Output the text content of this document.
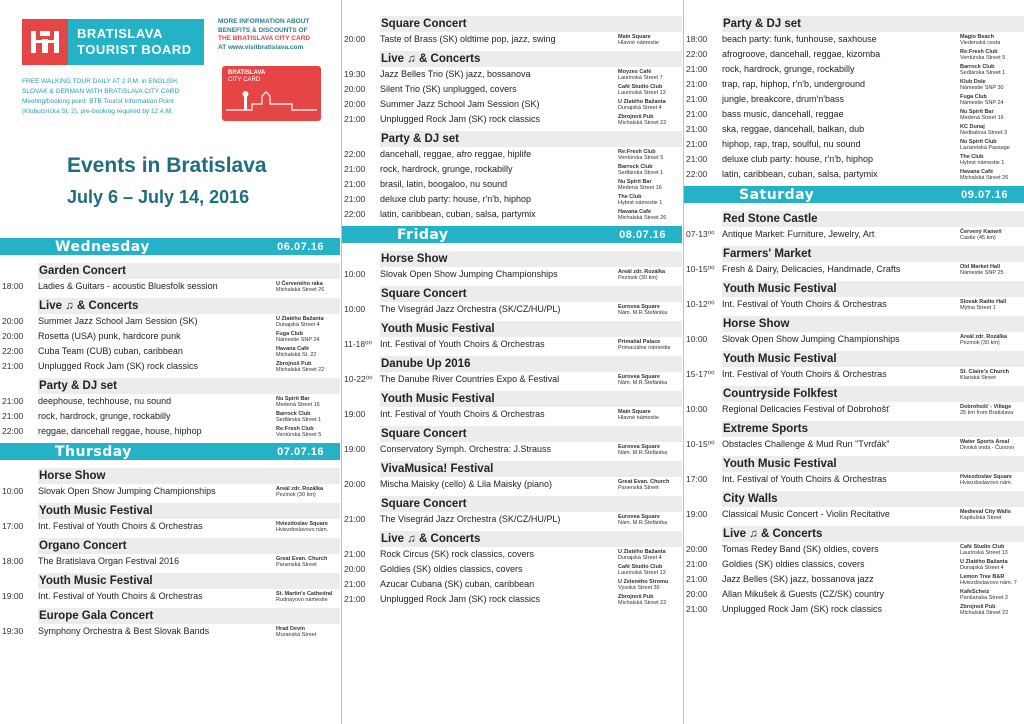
BRATISLAVA
TOURIST BOARD
MORE INFORMATION ABOUT
BENEFITS & DISCOUNTS OF
THE BRATISLAVA CITY CARD
AT www.visitbratislava.com
FREE WALKING TOUR DAILY AT 2 P.M. in ENGLISH,
SLOVAK & GERMAN WITH BRATISLAVA CITY CARD
Meeting/booking point: BTB Tourist Information Point
(Klobučnícka St. 2), pre-booking required by 12 A.M.
BRATISLAVA
CITY CARD
Events in Bratislava
July 6 – July 14, 2016
Wednesday	06.07.16
Garden Concert
18:00	Ladies & Guitars - acoustic Bluesfolk session	U Červeného raka
Michalská Street 26
Live ♫ & Concerts
20:00	Summer Jazz School Jam Session (SK)	U Zlatého Bažanta
Dunajská Street 4
20:00	Rosetta (USA) punk, hardcore punk	Fuga Club
Námestie SNP 24
22:00	Cuba Team (CUB) cuban, caribbean	Havana Café
Michalská St. 22
21:00	Unplugged Rock Jam (SK) rock classics	Zbrojnoš Pub
Michalská Street 22
Party & DJ set
21:00	deephouse, techhouse, nu sound	Nu Spirit Bar
Medená Street 16
21:00	rock, hardrock, grunge, rockabilly	Barrock Club
Sedlárska Street 1
22:00	reggae, dancehall reggae, house, hiphop	Re:Fresh Club
Ventúrska Street 5
Thursday	07.07.16
Horse Show
10:00	Slovak Open Show Jumping Championships	Areál zdr. Rozálka
Pezinok (30 km)
Youth Music Festival
17:00	Int. Festival of Youth Choirs & Orchestras	Hviezdoslav Square
Hviezdoslavovo nám.
Organo Concert
18:00	The Bratislava Organ Festival 2016	Great Evan. Church
Panenská Street
Youth Music Festival
19:00	Int. Festival of Youth Choirs & Orchestras	St. Martin's Cathedral
Rudnayovo námestie
Europe Gala Concert
19:30	Symphony Orchestra & Best Slovak Bands	Hrad Devín
Muranská Street
Square Concert
20:00	Taste of Brass (SK) oldtime pop, jazz, swing	Main Square
Hlavné námestie
Live ♫ & Concerts
19:30	Jazz Belles Trio (SK) jazz, bossanova	Moyzes Café
Laurinská Street 7
20:00	Silent Trio (SK) unplugged, covers	Café Studio Club
Laurinská Street 13
20:00	Summer Jazz School Jam Session (SK)	U Zlatého Bažanta
Dunajská Street 4
21:00	Unplugged Rock Jam (SK) rock classics	Zbrojnoš Pub
Michalská Street 22
Party & DJ set
22:00	dancehall, reggae, afro reggae, hiplife	Re:Fresh Club
Ventúrska Street 5
21:00	rock, hardrock, grunge, rockabilly	Barrock Club
Sedlárska Street 1
21:00	brasil, latin, boogaloo, nu sound	Nu Spirit Bar
Medená Street 16
21:00	deluxe club party: house, r'n'b, hiphop	The Club
Hybné námestie 1
22:00	latin, caribbean, cuban, salsa, partymix	Havana Café
Michalská Street 26
Friday	08.07.16
Horse Show
10:00	Slovak Open Show Jumping Championships	Areál zdr. Rozálka
Pezinok (30 km)
Square Concert
10:00	The Visegrád Jazz Orchestra (SK/CZ/HU/PL)	Eurovea Square
Nám. M.R.Štefánika
Youth Music Festival
11-18⁰⁰ Int. Festival of Youth Choirs & Orchestras	Primatial Palace
Primaciálne námestie
Danube Up 2016
10-22⁰⁰ The Danube River Countries Expo & Festival	Eurovea Square
Nám. M.R.Štefánika
Youth Music Festival
19:00	Int. Festival of Youth Choirs & Orchestras	Main Square
Hlavné námestie
Square Concert
19:00	Conservatory Symph. Orchestra: J.Strauss	Eurovea Square
Nám. M.R.Štefánika
VivaMusica! Festival
20:00	Mischa Maisky (cello) & Lila Maisky (piano)	Great Evan. Church
Panenská Street
Square Concert
21:00	The Visegrád Jazz Orchestra (SK/CZ/HU/PL)	Eurovea Square
Nám. M.R.Štefánika
Live ♫ & Concerts
21:00	Rock Circus (SK) rock classics, covers	U Zlatého Bažanta
Dunajská Street 4
20:00	Goldies (SK) oldies classics, covers	Café Studio Club
Laurinská Street 13
21:00	Azucar Cubana (SK) cuban, caribbean	U Zeleného Stromu
Vysoká Street 36
21:00	Unplugged Rock Jam (SK) rock classics	Zbrojnoš Pub
Michalská Street 22
Party & DJ set
18:00	beach party: funk, funhouse, saxhouse	Magio Beach
Viedenská cesta
22:00	afrogroove, dancehall, reggae, kizomba	Re:Fresh Club
Ventúrska Street 5
21:00	rock, hardrock, grunge, rockabilly	Barrock Club
Sedlárska Street 1
21:00	trap, rap, hiphop, r'n'b, underground	Klub Dole
Námestie SNP 30
21:00	jungle, breakcore, drum'n'bass	Fuga Club
Námestie SNP 24
21:00	bass music, dancehall, reggae	Nu Spirit Bar
Medená Street 16
21:00	ska, reggae, dancehall, balkan, dub	KC Dunaj
Nedbalova Street 3
21:00	hiphop, rap, trap, soulful, nu sound	Nu Spirit Club
Lazaretská Passage
21:00	deluxe club party: house, r'n'b, hiphop	The Club
Hybné námestie 1
22:00	latin, caribbean, cuban, salsa, partymix	Havana Café
Michalská Street 26
Saturday	09.07.16
Red Stone Castle
07-13⁰⁰ Antique Market: Furniture, Jewelry, Art	Červený Kameň
Castle (45 km)
Farmers' Market
10-15⁰⁰ Fresh & Dairy, Delicacies, Handmade, Crafts	Old Market Hall
Námestie SNP 25
Youth Music Festival
10-12⁰⁰ Int. Festival of Youth Choirs & Orchestras	Slovak Radio Hall
Mýtna Street 1
Horse Show
10:00	Slovak Open Show Jumping Championships	Areál zdr. Rozálka
Pezinok (30 km)
Youth Music Festival
15-17⁰⁰ Int. Festival of Youth Choirs & Orchestras	St. Claire's Church
Klariská Street
Countryside Folkfest
10:00	Regional Delicacies Festival of Dobrohošť	Dobrohošť - Village
25 km from Bratislava
Extreme Sports
10-15⁰⁰ Obstacles Challenge & Mud Run "Tvrďák"	Water Sports Areal
Divoká voda - Čunovo
Youth Music Festival
17:00	Int. Festival of Youth Choirs & Orchestras	Hviezdoslav Square
Hviezdoslavovo nám.
City Walls
19:00	Classical Music Concert - Violin Recitative	Medieval City Walls
Kapitulská Street
Live ♫ & Concerts
20:00	Tomas Redey Band (SK) oldies, covers	Café Studio Club
Laurinská Street 13
21:00	Goldies (SK) oldies classics, covers	U Zlatého Bažanta
Dunajská Street 4
21:00	Jazz Belles (SK) jazz, bossanova jazz	Lemon Tree B&R
Hviezdoslavovo nám. 7
20:00	Allan Mikušek & Guests (CZ/SK) country	KafeScheiz
Panšanska Street 2
21:00	Unplugged Rock Jam (SK) rock classics	Zbrojnoš Pub
Michalská Street 22
